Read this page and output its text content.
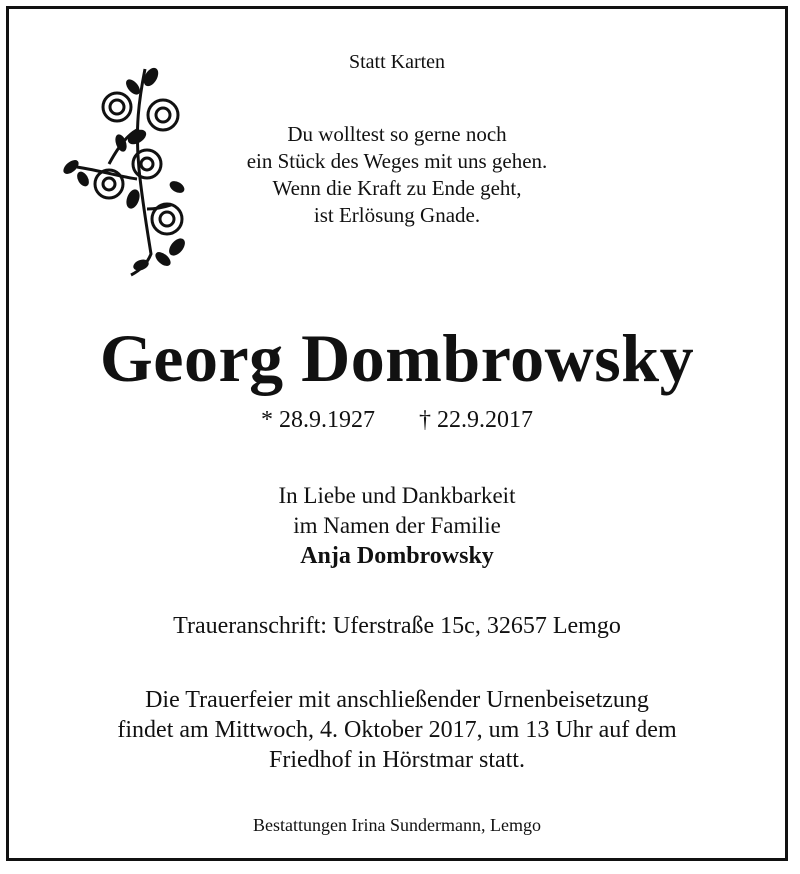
Statt Karten
Du wolltest so gerne noch
ein Stück des Weges mit uns gehen.
Wenn die Kraft zu Ende geht,
ist Erlösung Gnade.
Georg Dombrowsky
* 28.9.1927 † 22.9.2017
In Liebe und Dankbarkeit
im Namen der Familie
Anja Dombrowsky
Traueranschrift: Uferstraße 15c, 32657 Lemgo
Die Trauerfeier mit anschließender Urnenbeisetzung
findet am Mittwoch, 4. Oktober 2017, um 13 Uhr auf dem
Friedhof in Hörstmar statt.
Bestattungen Irina Sundermann, Lemgo
